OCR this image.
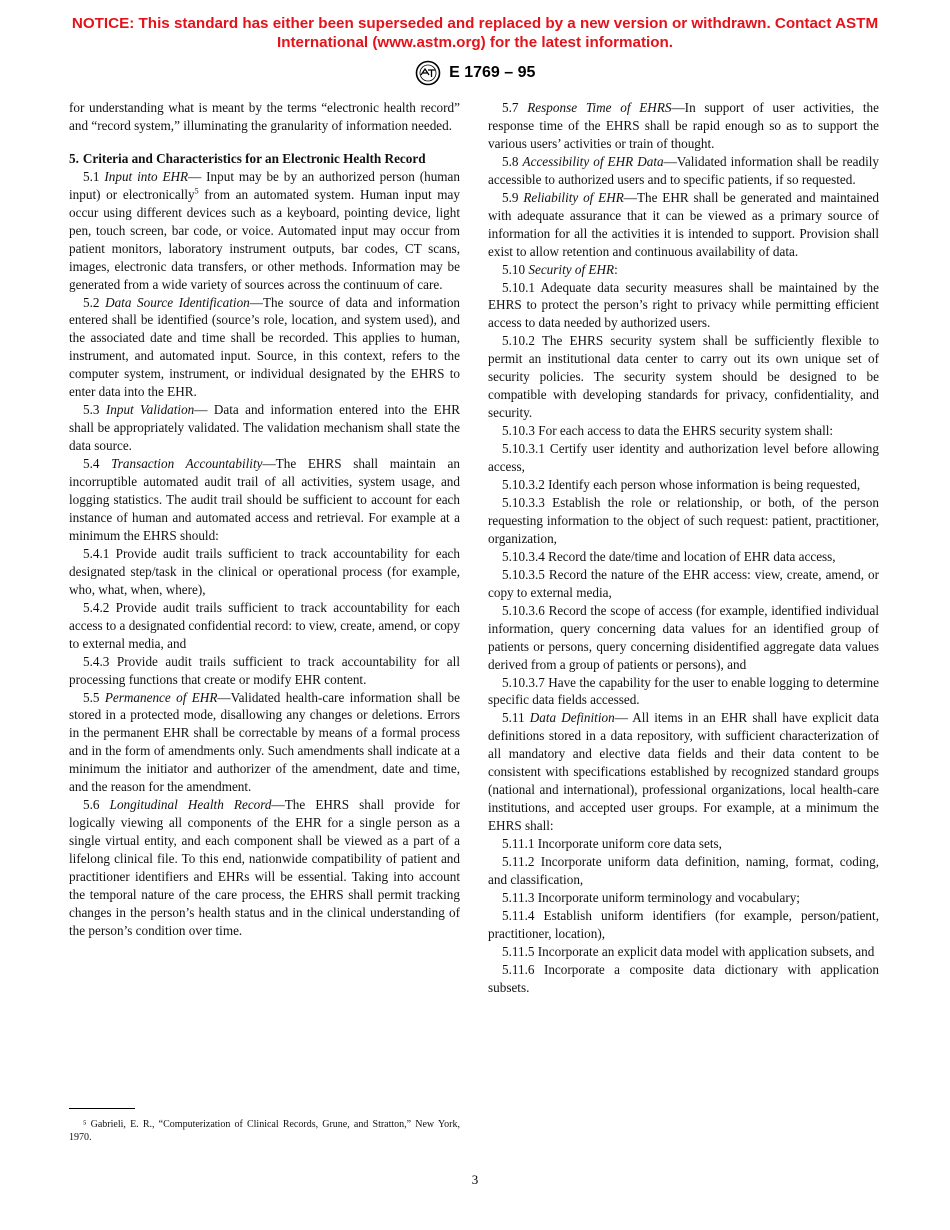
NOTICE: This standard has either been superseded and replaced by a new version or withdrawn. Contact ASTM International (www.astm.org) for the latest information.
E 1769 – 95

for understanding what is meant by the terms “electronic health record” and “record system,” illuminating the granularity of information needed.

5. Criteria and Characteristics for an Electronic Health Record

5.1 Input into EHR— Input may be by an authorized person (human input) or electronically$^5$ from an automated system. Human input may occur using different devices such as a keyboard, pointing device, light pen, touch screen, bar code, or voice. Automated input may occur from patient monitors, laboratory instrument outputs, bar codes, CT scans, images, electronic data transfers, or other methods. Information may be generated from a wide variety of sources across the continuum of care.

5.2 Data Source Identification—The source of data and information entered shall be identified (source’s role, location, and system used), and the associated date and time shall be recorded. This applies to human, instrument, and automated input. Source, in this context, refers to the computer system, instrument, or individual designated by the EHRS to enter data into the EHR.

5.3 Input Validation— Data and information entered into the EHR shall be appropriately validated. The validation mechanism shall state the data source.

5.4 Transaction Accountability—The EHRS shall maintain an incorruptible automated audit trail of all activities, system usage, and logging statistics. The audit trail should be sufficient to account for each instance of human and automated access and retrieval. For example at a minimum the EHRS should:

5.4.1 Provide audit trails sufficient to track accountability for each designated step/task in the clinical or operational process (for example, who, what, when, where),

5.4.2 Provide audit trails sufficient to track accountability for each access to a designated confidential record: to view, create, amend, or copy to external media, and

5.4.3 Provide audit trails sufficient to track accountability for all processing functions that create or modify EHR content.

5.5 Permanence of EHR—Validated health-care information shall be stored in a protected mode, disallowing any changes or deletions. Errors in the permanent EHR shall be correctable by means of a formal process and in the form of amendments only. Such amendments shall indicate at a minimum the initiator and authorizer of the amendment, date and time, and the reason for the amendment.

5.6 Longitudinal Health Record—The EHRS shall provide for logically viewing all components of the EHR for a single person as a single virtual entity, and each component shall be viewed as a part of a lifelong clinical file. To this end, nationwide compatibility of patient and practitioner identifiers and EHRs will be essential. Taking into account the temporal nature of the care process, the EHRS shall permit tracking changes in the person’s health status and in the clinical understanding of the person’s condition over time.

5.7 Response Time of EHRS—In support of user activities, the response time of the EHRS shall be rapid enough so as to support the various users’ activities or train of thought.

5.8 Accessibility of EHR Data—Validated information shall be readily accessible to authorized users and to specific patients, if so requested.

5.9 Reliability of EHR—The EHR shall be generated and maintained with adequate assurance that it can be viewed as a primary source of information for all the activities it is intended to support. Provision shall exist to allow retention and continuous availability of data.

5.10 Security of EHR:

5.10.1 Adequate data security measures shall be maintained by the EHRS to protect the person’s right to privacy while permitting efficient access to data needed by authorized users.

5.10.2 The EHRS security system shall be sufficiently flexible to permit an institutional data center to carry out its own unique set of security policies. The security system should be designed to be compatible with developing standards for privacy, confidentiality, and security.

5.10.3 For each access to data the EHRS security system shall:

5.10.3.1 Certify user identity and authorization level before allowing access,

5.10.3.2 Identify each person whose information is being requested,

5.10.3.3 Establish the role or relationship, or both, of the person requesting information to the object of such request: patient, practitioner, organization,

5.10.3.4 Record the date/time and location of EHR data access,

5.10.3.5 Record the nature of the EHR access: view, create, amend, or copy to external media,

5.10.3.6 Record the scope of access (for example, identified individual information, query concerning data values for an identified group of patients or persons, query concerning disidentified aggregate data values derived from a group of patients or persons), and

5.10.3.7 Have the capability for the user to enable logging to determine specific data fields accessed.

5.11 Data Definition— All items in an EHR shall have explicit data definitions stored in a data repository, with sufficient characterization of all mandatory and elective data fields and their data content to be consistent with specifications established by recognized standard groups (national and international), professional organizations, local health-care institutions, and accepted user groups. For example, at a minimum the EHRS shall:

5.11.1 Incorporate uniform core data sets,

5.11.2 Incorporate uniform data definition, naming, format, coding, and classification,

5.11.3 Incorporate uniform terminology and vocabulary;

5.11.4 Establish uniform identifiers (for example, person/patient, practitioner, location),

5.11.5 Incorporate an explicit data model with application subsets, and

5.11.6 Incorporate a composite data dictionary with application subsets.

⁵ Gabrieli, E. R., “Computerization of Clinical Records, Grune, and Stratton,” New York, 1970.
3
